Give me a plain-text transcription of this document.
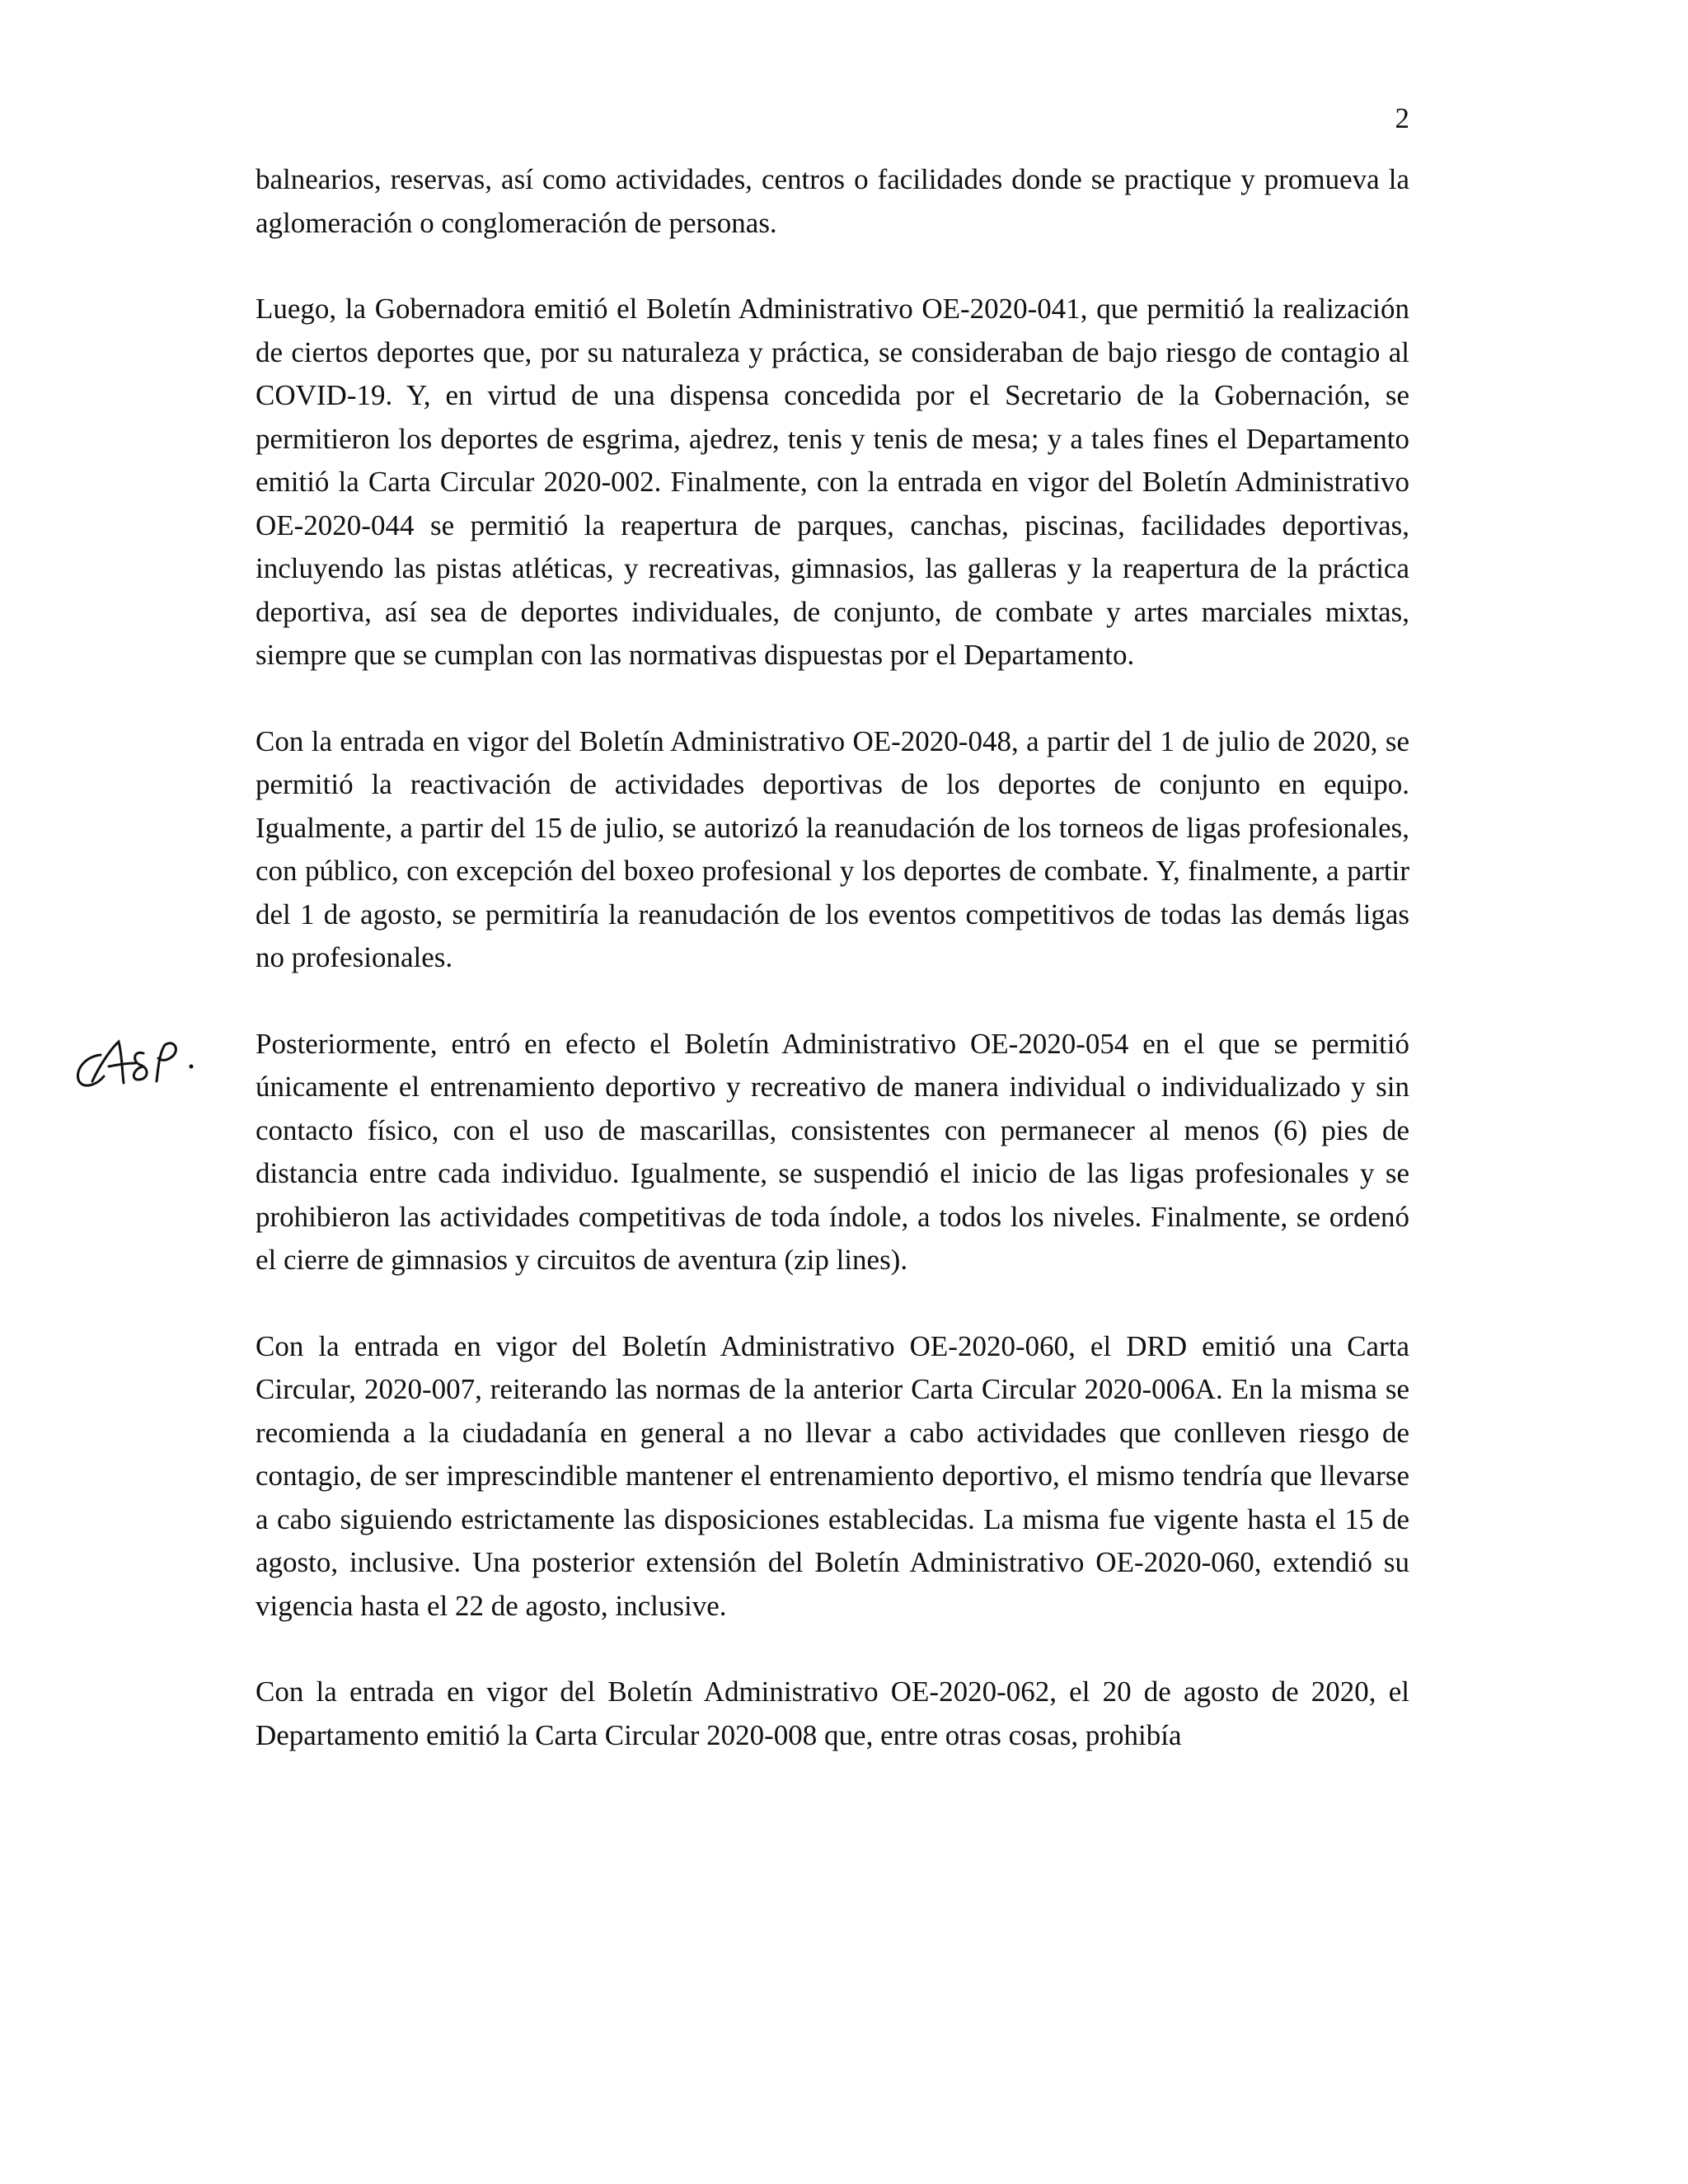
2

balnearios, reservas, así como actividades, centros o facilidades donde se practique y promueva la aglomeración o conglomeración de personas.

Luego, la Gobernadora emitió el Boletín Administrativo OE-2020-041, que permitió la realización de ciertos deportes que, por su naturaleza y práctica, se consideraban de bajo riesgo de contagio al COVID-19. Y, en virtud de una dispensa concedida por el Secretario de la Gobernación, se permitieron los deportes de esgrima, ajedrez, tenis y tenis de mesa; y a tales fines el Departamento emitió la Carta Circular 2020-002. Finalmente, con la entrada en vigor del Boletín Administrativo OE-2020-044 se permitió la reapertura de parques, canchas, piscinas, facilidades deportivas, incluyendo las pistas atléticas, y recreativas, gimnasios, las galleras y la reapertura de la práctica deportiva, así sea de deportes individuales, de conjunto, de combate y artes marciales mixtas, siempre que se cumplan con las normativas dispuestas por el Departamento.

Con la entrada en vigor del Boletín Administrativo OE-2020-048, a partir del 1 de julio de 2020, se permitió la reactivación de actividades deportivas de los deportes de conjunto en equipo. Igualmente, a partir del 15 de julio, se autorizó la reanudación de los torneos de ligas profesionales, con público, con excepción del boxeo profesional y los deportes de combate. Y, finalmente, a partir del 1 de agosto, se permitiría la reanudación de los eventos competitivos de todas las demás ligas no profesionales.

Posteriormente, entró en efecto el Boletín Administrativo OE-2020-054 en el que se permitió únicamente el entrenamiento deportivo y recreativo de manera individual o individualizado y sin contacto físico, con el uso de mascarillas, consistentes con permanecer al menos (6) pies de distancia entre cada individuo. Igualmente, se suspendió el inicio de las ligas profesionales y se prohibieron las actividades competitivas de toda índole, a todos los niveles. Finalmente, se ordenó el cierre de gimnasios y circuitos de aventura (zip lines).

Con la entrada en vigor del Boletín Administrativo OE-2020-060, el DRD emitió una Carta Circular, 2020-007, reiterando las normas de la anterior Carta Circular 2020-006A. En la misma se recomienda a la ciudadanía en general a no llevar a cabo actividades que conlleven riesgo de contagio, de ser imprescindible mantener el entrenamiento deportivo, el mismo tendría que llevarse a cabo siguiendo estrictamente las disposiciones establecidas. La misma fue vigente hasta el 15 de agosto, inclusive. Una posterior extensión del Boletín Administrativo OE-2020-060, extendió su vigencia hasta el 22 de agosto, inclusive.

Con la entrada en vigor del Boletín Administrativo OE-2020-062, el 20 de agosto de 2020, el Departamento emitió la Carta Circular 2020-008 que, entre otras cosas, prohibía
